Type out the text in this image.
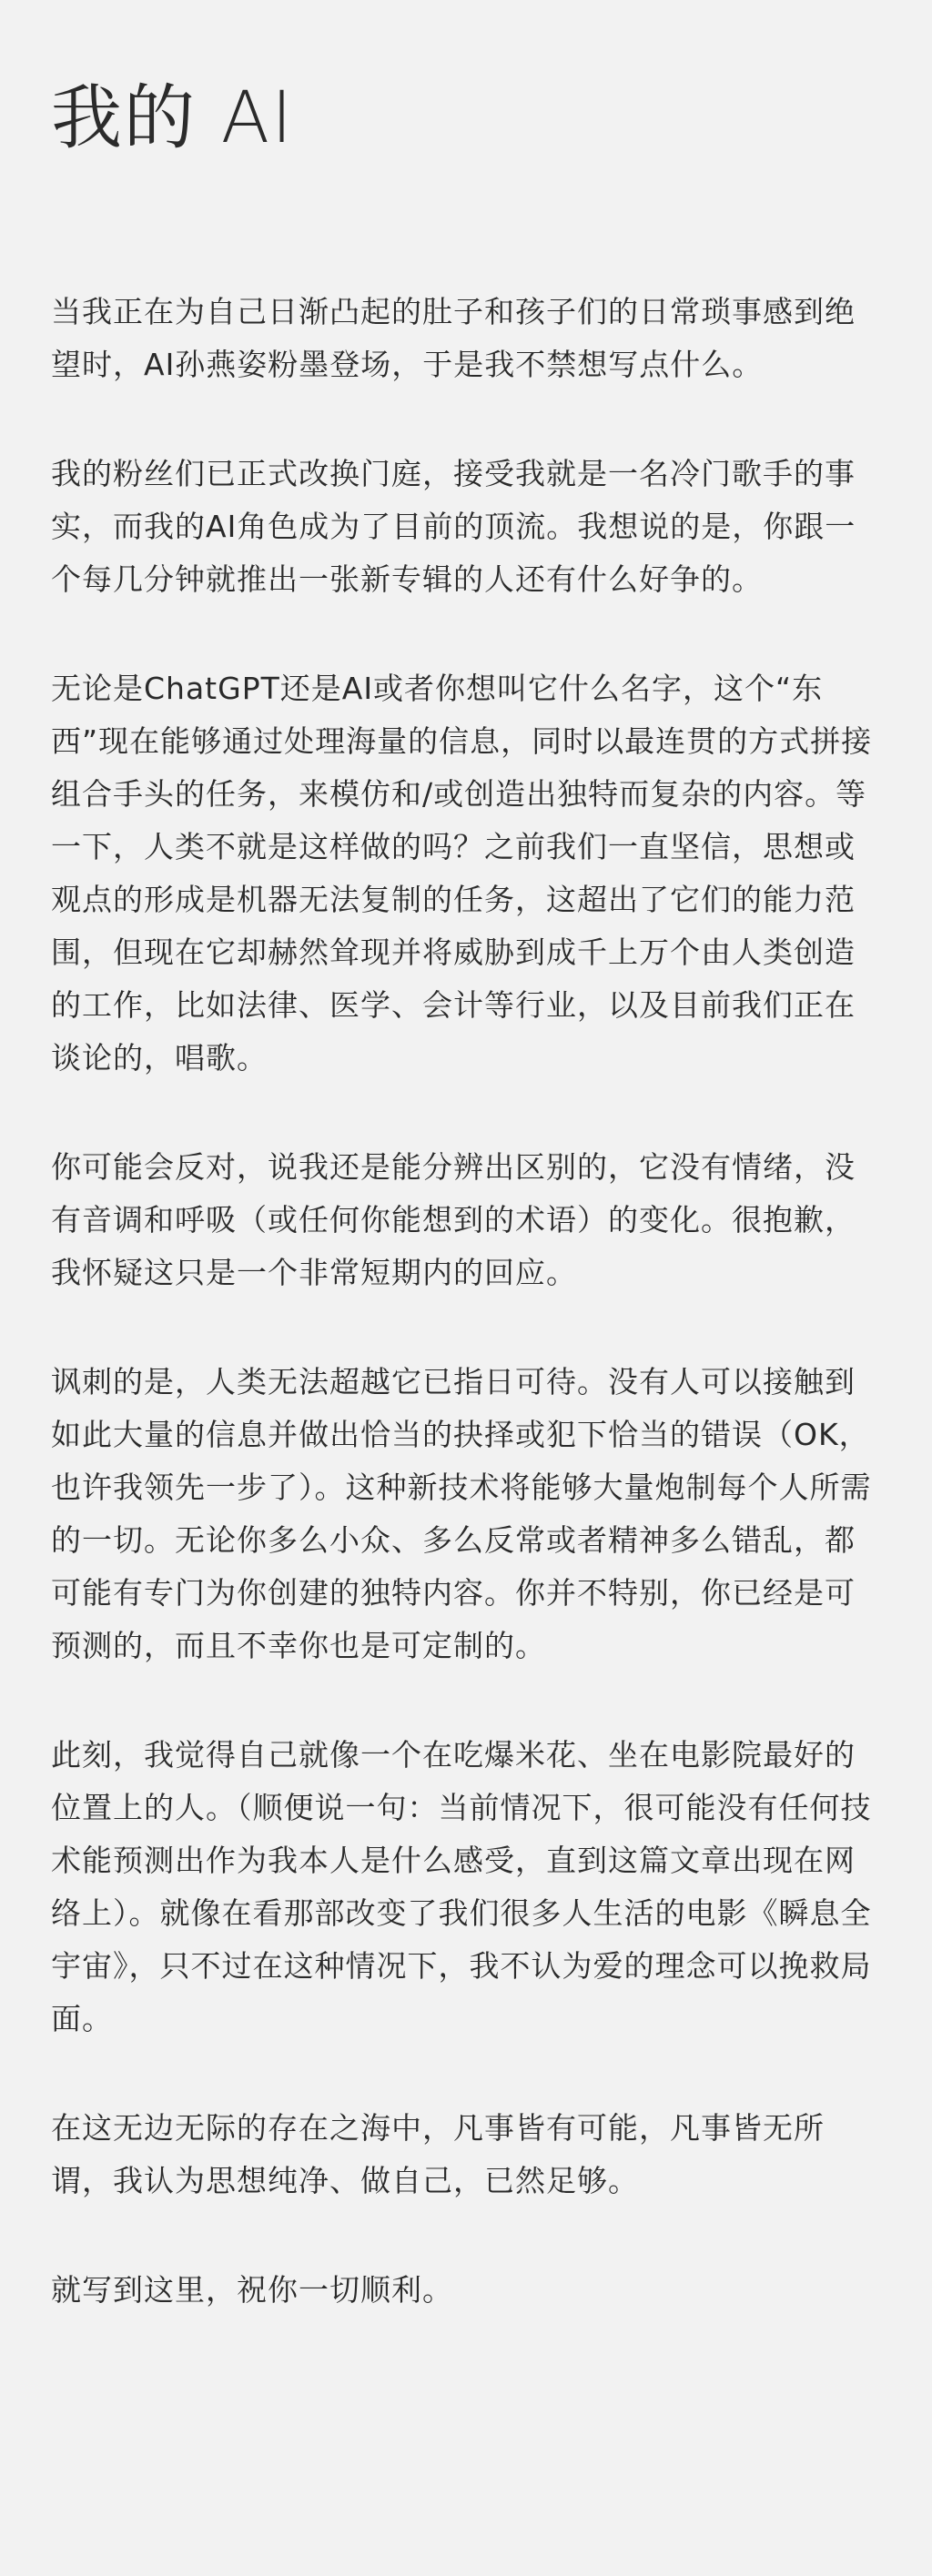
我的 AI

当我正在为自己日渐凸起的肚子和孩子们的日常琐事感到绝望时，AI孙燕姿粉墨登场，于是我不禁想写点什么。

我的粉丝们已正式改换门庭，接受我就是一名冷门歌手的事实，而我的AI角色成为了目前的顶流。我想说的是，你跟一个每几分钟就推出一张新专辑的人还有什么好争的。

无论是ChatGPT还是AI或者你想叫它什么名字，这个“东西”现在能够通过处理海量的信息，同时以最连贯的方式拼接组合手头的任务，来模仿和/或创造出独特而复杂的内容。等一下，人类不就是这样做的吗？之前我们一直坚信，思想或观点的形成是机器无法复制的任务，这超出了它们的能力范围，但现在它却赫然耸现并将威胁到成千上万个由人类创造的工作，比如法律、医学、会计等行业，以及目前我们正在谈论的，唱歌。

你可能会反对，说我还是能分辨出区别的，它没有情绪，没有音调和呼吸（或任何你能想到的术语）的变化。很抱歉，我怀疑这只是一个非常短期内的回应。

讽刺的是，人类无法超越它已指日可待。没有人可以接触到如此大量的信息并做出恰当的抉择或犯下恰当的错误（OK，也许我领先一步了）。这种新技术将能够大量炮制每个人所需的一切。无论你多么小众、多么反常或者精神多么错乱，都可能有专门为你创建的独特内容。你并不特别，你已经是可预测的，而且不幸你也是可定制的。

此刻，我觉得自己就像一个在吃爆米花、坐在电影院最好的位置上的人。（顺便说一句：当前情况下，很可能没有任何技术能预测出作为我本人是什么感受，直到这篇文章出现在网络上）。就像在看那部改变了我们很多人生活的电影《瞬息全宇宙》，只不过在这种情况下，我不认为爱的理念可以挽救局面。

在这无边无际的存在之海中，凡事皆有可能，凡事皆无所谓，我认为思想纯净、做自己，已然足够。

就写到这里，祝你一切顺利。
